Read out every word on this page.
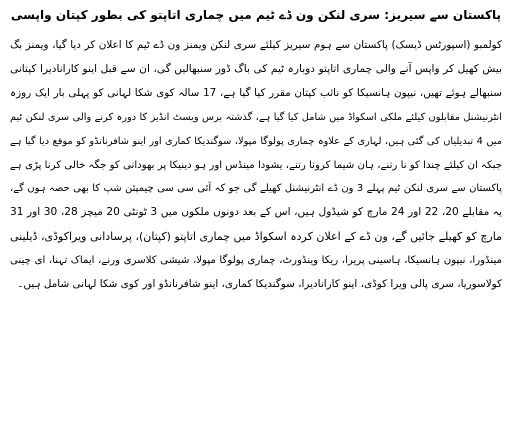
پاکستان سے سیریز: سری لنکن ون ڈے ٹیم میں چماری اتاپتو کی بطور کپتان واپسی
کولمبو (اسپورٹس ڈیسک) پاکستان سے ہوم سیریز کیلئے سری لنکن ویمنز ون ڈے ٹیم کا اعلان کر دیا گیا، ویمنز بگ
بیش کھیل کر واپس آنے والی چماری اتاپتو دوبارہ ٹیم کی باگ ڈور سنبھالیں گی، ان سے قبل اینو کارانادیرا کپتانی
سنبھالے ہوئے تھیں، نیپون ہانسیکا کو نائب کپتان مقرر کیا گیا ہے، 17 سالہ کوی شکا لہانی کو پہلی بار ایک روزہ
انٹرنیشنل مقابلوں کیلئے ملکی اسکواڈ میں شامل کیا گیا ہے، گذشتہ برس ویسٹ انڈیز کا دورہ کرنے والی سری لنکن ٹیم
میں 4 تبدیلیاں کی گئی ہیں، لہاری کے علاوہ چماری پولوگا مپولا، سوگندیکا کماری اور اینو شافرنانڈو کو موقع دیا گیا ہے
جبکہ ان کیلئے چندا کو نا رتنے، ہان شیما کرونا رتنے، یشودا مینڈس اور ہو دینیکا پر بھودانی کو جگہ خالی کرنا پڑی ہے
پاکستان سے سری لنکن ٹیم پہلے 3 ون ڈے انٹرنیشنل کھیلے گی جو کہ آئی سی سی چیمپئن شپ کا بھی حصہ ہوں گے،
یہ مقابلے 20، 22 اور 24 مارچ کو شیڈول ہیں، اس کے بعد دونوں ملکوں میں 3 ٹونٹی 20 میچز 28، 30 اور 31
مارچ کو کھیلے جائیں گے، ون ڈے کے اعلان کردہ اسکواڈ میں چماری اتاپتو (کپتان)، پرسادانی ویراکوڈی، ڈیلینی
مینڈورا، نیپون ہانسیکا، ہاسینی پریرا، ریکا وینڈورٹ، چماری پولوگا مپولا، شیشی کلاسری ورنے، ایماک تہنا، ای چینی
کولاسوریا، سری پالی ویرا کوڈی، اینو کارانادیرا، سوگندیکا کماری، اینو شافرنانڈو اور کوی شکا لہانی شامل ہیں۔
